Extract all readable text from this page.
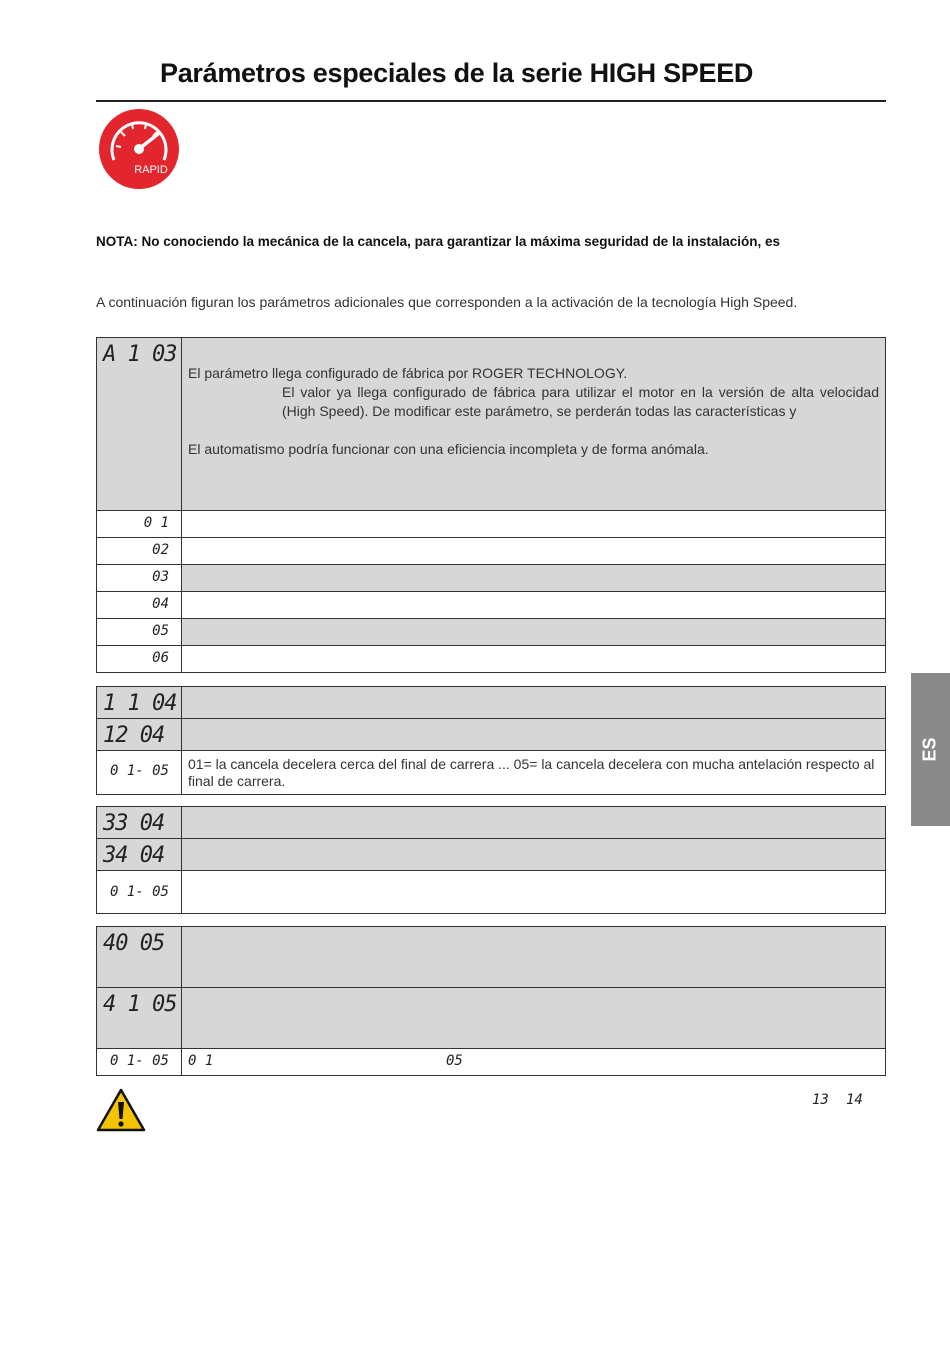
Parámetros especiales de la serie HIGH SPEED
RAPID
NOTA: No conociendo la mecánica de la cancela, para garantizar la máxima seguridad de la instalación, es
A continuación figuran los parámetros adicionales que corresponden a la activación de la tecnología High Speed.
A 1 03	El parámetro llega configurado de fábrica por ROGER TECHNOLOGY.

El valor ya llega configurado de fábrica para utilizar el motor en la versión de alta velocidad (High Speed). De modificar este parámetro, se perderán todas las características y

El automatismo podría funcionar con una eficiencia incompleta y de forma anómala.

0 1	

02	

03	

04	

05	

06	

1 1 04	

12 04	

0 1- 05	01= la cancela decelera cerca del final de carrera ... 05= la cancela decelera con mucha antelación respecto al final de carrera.
33 04	

34 04	

0 1- 05	

40 05	

4 1 05	

0 1- 05	0 1 05
13 14
ES
